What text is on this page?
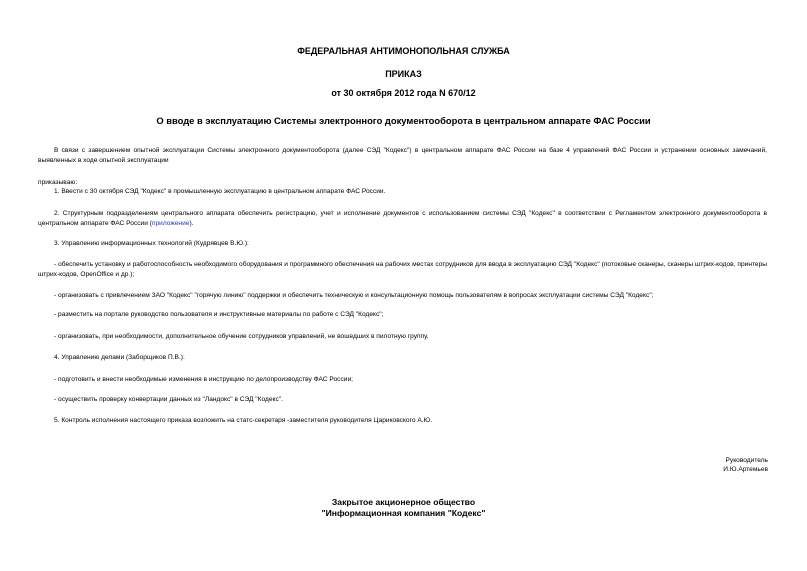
ФЕДЕРАЛЬНАЯ АНТИМОНОПОЛЬНАЯ СЛУЖБА
ПРИКАЗ
от 30 октября 2012 года N 670/12
О вводе в эксплуатацию Системы электронного документооборота в центральном аппарате ФАС России
В связи с завершением опытной эксплуатации Системы электронного документооборота (далее СЭД "Кодекс") в центральном аппарате ФАС России на базе 4 управлений ФАС России и устранении основных замечаний, выявленных в ходе опытной эксплуатации
приказываю:
1. Ввести с 30 октября СЭД "Кодекс" в промышленную эксплуатацию в центральном аппарате ФАС России.
2. Структурным подразделениям центрального аппарата обеспечить регистрацию, учет и исполнение документов с использованием системы СЭД "Кодекс" в соответствии с Регламентом электронного документооборота в центральном аппарате ФАС России (приложение).
3. Управлению информационных технологий (Кудрявцев В.Ю.):
- обеспечить установку и работоспособность необходимого оборудования и программного обеспечения на рабочих местах сотрудников для ввода в эксплуатацию СЭД "Кодекс" (потоковые сканеры, сканеры штрих-кодов, принтеры штрих-кодов, OpenOffice и др.);
- организовать с привлечением ЗАО "Кодекс" "горячую линию" поддержки и обеспечить техническую и консультационную помощь пользователям в вопросах эксплуатации системы СЭД "Кодекс";
- разместить на портале руководство пользователя и инструктивные материалы по работе с СЭД "Кодекс";
- организовать, при необходимости, дополнительное обучение сотрудников управлений, не вошедших в пилотную группу.
4. Управлению делами (Заборщиков П.В.):
- подготовить и внести необходимые изменения в инструкцию по делопроизводству ФАС России;
- осуществить проверку конвертации данных из "Ландокс" в СЭД "Кодекс".
5. Контроль исполнения настоящего приказа возложить на статс-секретаря -заместителя руководителя Цариковского А.Ю.
Руководитель
И.Ю.Артемьев
Закрытое акционерное общество
"Информационная компания "Кодекс"
